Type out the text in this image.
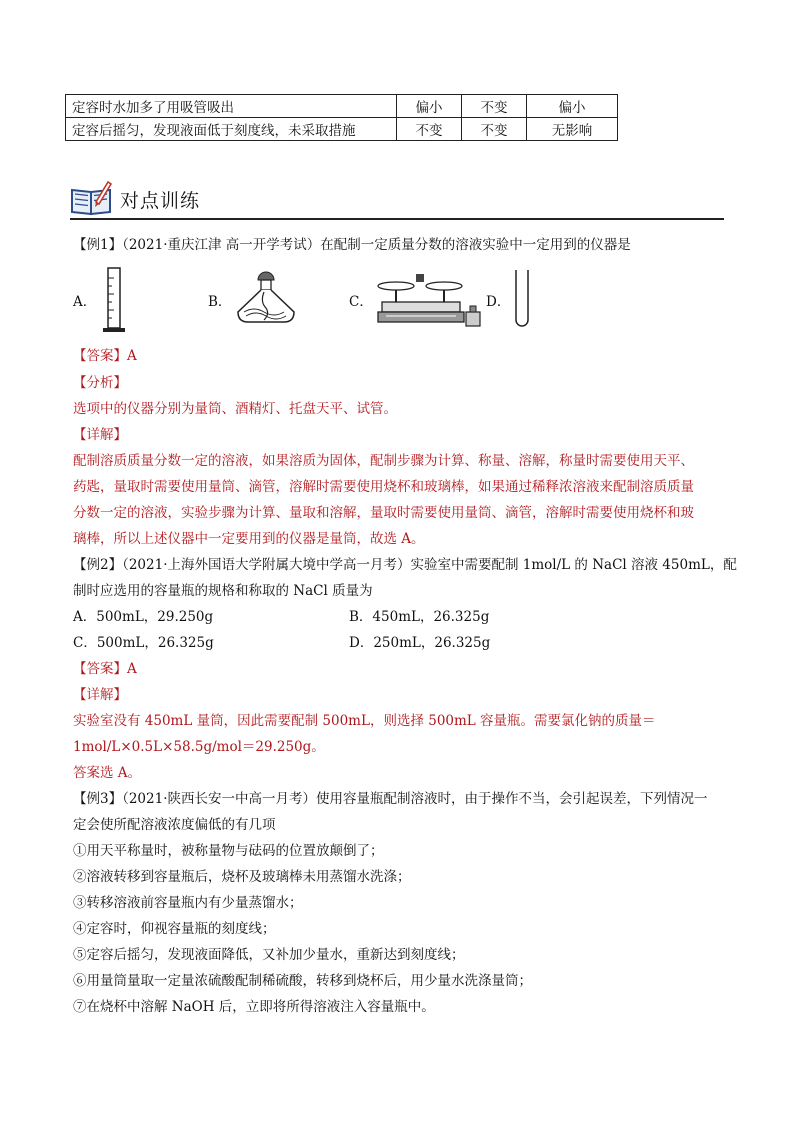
定容时水加多了用吸管吸出	偏小	不变	偏小
定容后摇匀，发现液面低于刻度线，未采取措施	不变	不变	无影响
对点训练
【例1】（2021·重庆江津 高一开学考试）在配制一定质量分数的溶液实验中一定用到的仪器是
A．	B．	C．	D．
【答案】A
【分析】
选项中的仪器分别为量筒、酒精灯、托盘天平、试管。
【详解】
配制溶质质量分数一定的溶液，如果溶质为固体，配制步骤为计算、称量、溶解，称量时需要使用天平、
药匙，量取时需要使用量筒、滴管，溶解时需要使用烧杯和玻璃棒，如果通过稀释浓溶液来配制溶质质量
分数一定的溶液，实验步骤为计算、量取和溶解，量取时需要使用量筒、滴管，溶解时需要使用烧杯和玻
璃棒，所以上述仪器中一定要用到的仪器是量筒，故选 A。
【例2】（2021·上海外国语大学附属大境中学高一月考）实验室中需要配制 1mol/L 的 NaCl 溶液 450mL，配
制时应选用的容量瓶的规格和称取的 NaCl 质量为
A．500mL，29.250g	B．450mL，26.325g
C．500mL，26.325g	D．250mL，26.325g
【答案】A
【详解】
实验室没有 450mL 量筒，因此需要配制 500mL，则选择 500mL 容量瓶。需要氯化钠的质量＝
1mol/L×0.5L×58.5g/mol＝29.250g。
答案选 A。
【例3】（2021·陕西长安一中高一月考）使用容量瓶配制溶液时，由于操作不当，会引起误差，下列情况一
定会使所配溶液浓度偏低的有几项
①用天平称量时，被称量物与砝码的位置放颠倒了；
②溶液转移到容量瓶后，烧杯及玻璃棒未用蒸馏水洗涤；
③转移溶液前容量瓶内有少量蒸馏水；
④定容时，仰视容量瓶的刻度线；
⑤定容后摇匀，发现液面降低，又补加少量水，重新达到刻度线；
⑥用量筒量取一定量浓硫酸配制稀硫酸，转移到烧杯后，用少量水洗涤量筒；
⑦在烧杯中溶解 NaOH 后，立即将所得溶液注入容量瓶中。
